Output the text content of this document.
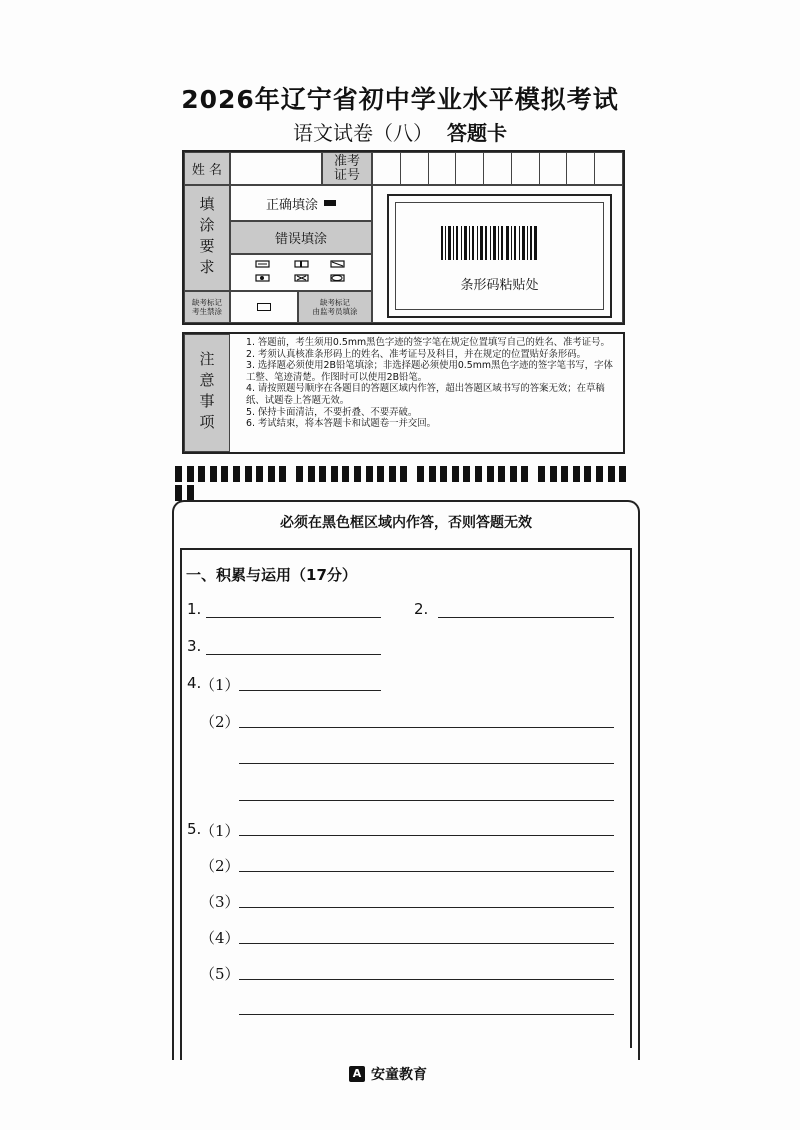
2026年辽宁省初中学业水平模拟考试
语文试卷（八） 答题卡
姓 名
准考
证号
填涂要求	正确填涂
错误填涂
缺考标记
考生禁涂
缺考标记
由监考员填涂
条形码粘贴处
注意事项
1. 答题前，考生须用0.5mm黑色字迹的签字笔在规定位置填写自己的姓名、准考证号。
2. 考须认真核准条形码上的姓名、准考证号及科目，并在规定的位置贴好条形码。
3. 选择题必须使用2B铅笔填涂；非选择题必须使用0.5mm黑色字迹的签字笔书写，字体工整、笔迹清楚。作图时可以使用2B铅笔。
4. 请按照题号顺序在各题目的答题区域内作答，超出答题区域书写的答案无效；在草稿纸、试题卷上答题无效。
5. 保持卡面清洁，不要折叠、不要弄破。
6. 考试结束，将本答题卡和试题卷一并交回。

必须在黑色框区域内作答，否则答题无效
一、积累与运用（17分）
1.	2.
3.
4.
（1）
（2）
5.
（1）
（2）
（3）
（4）
（5）
A 安童教育
